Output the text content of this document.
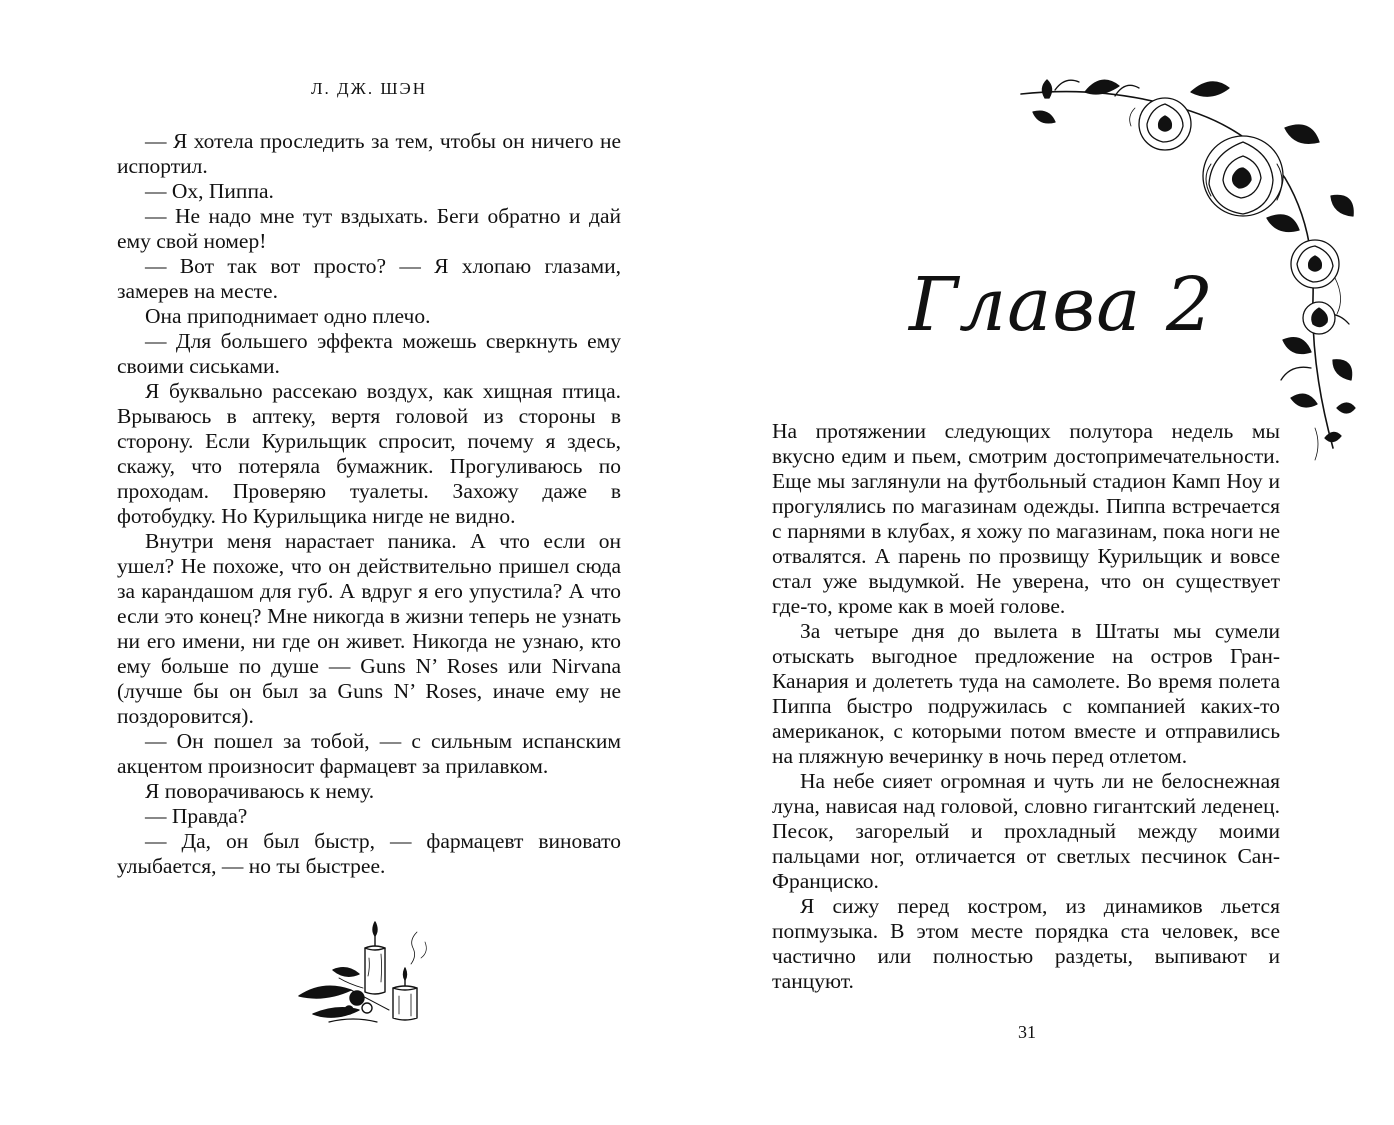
Л. ДЖ. ШЭН

— Я хотела проследить за тем, чтобы он ничего не испортил.

— Ох, Пиппа.

— Не надо мне тут вздыхать. Беги обратно и дай ему свой номер!

— Вот так вот просто? — Я хлопаю глазами, замерев на месте.

Она приподнимает одно плечо.

— Для большего эффекта можешь сверкнуть ему своими сиськами.

Я буквально рассекаю воздух, как хищная птица. Врываюсь в аптеку, вертя головой из стороны в сторону. Если Курильщик спросит, почему я здесь, скажу, что потеряла бумажник. Прогуливаюсь по проходам. Проверяю туалеты. Захожу даже в фотобудку. Но Курильщика нигде не видно.

Внутри меня нарастает паника. А что если он ушел? Не похоже, что он действительно пришел сюда за карандашом для губ. А вдруг я его упустила? А что если это конец? Мне никогда в жизни теперь не узнать ни его имени, ни где он живет. Никогда не узнаю, кто ему больше по душе — Guns N’ Roses или Nirvana (лучше бы он был за Guns N’ Roses, иначе ему не поздоровится).

— Он пошел за тобой, — с сильным испанским акцентом произносит фармацевт за прилавком.

Я поворачиваюсь к нему.

— Правда?

— Да, он был быстр, — фармацевт виновато улыбается, — но ты быстрее.

Глава 2

На протяжении следующих полутора недель мы вкусно едим и пьем, смотрим достопримечательности. Еще мы заглянули на футбольный стадион Камп Ноу и прогулялись по магазинам одежды. Пиппа встречается с парнями в клубах, я хожу по магазинам, пока ноги не отвалятся. А парень по прозвищу Курильщик и вовсе стал уже выдумкой. Не уверена, что он существует где-то, кроме как в моей голове.

За четыре дня до вылета в Штаты мы сумели отыскать выгодное предложение на остров Гран-Канария и долететь туда на самолете. Во время полета Пиппа быстро подружилась с компанией каких-то американок, с которыми потом вместе и отправились на пляжную вечеринку в ночь перед отлетом.

На небе сияет огромная и чуть ли не белоснежная луна, нависая над головой, словно гигантский леденец. Песок, загорелый и прохладный между моими пальцами ног, отличается от светлых песчинок Сан-Франциско.

Я сижу перед костром, из динамиков льется попмузыка. В этом месте порядка ста человек, все частично или полностью раздеты, выпивают и танцуют.

31
